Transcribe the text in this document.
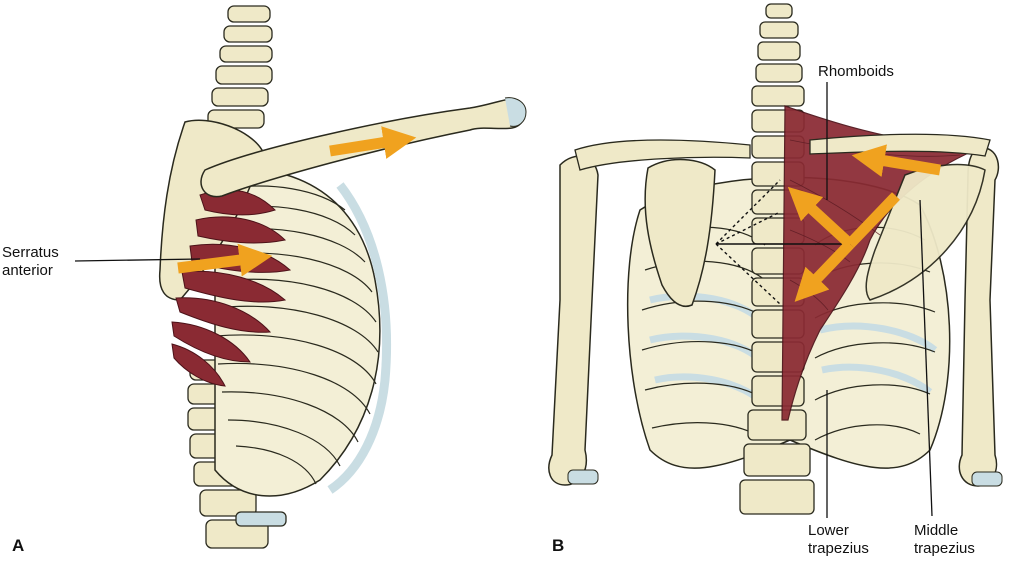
Serratus
anterior
Rhomboids
Lower
trapezius
Middle
trapezius
A	B
